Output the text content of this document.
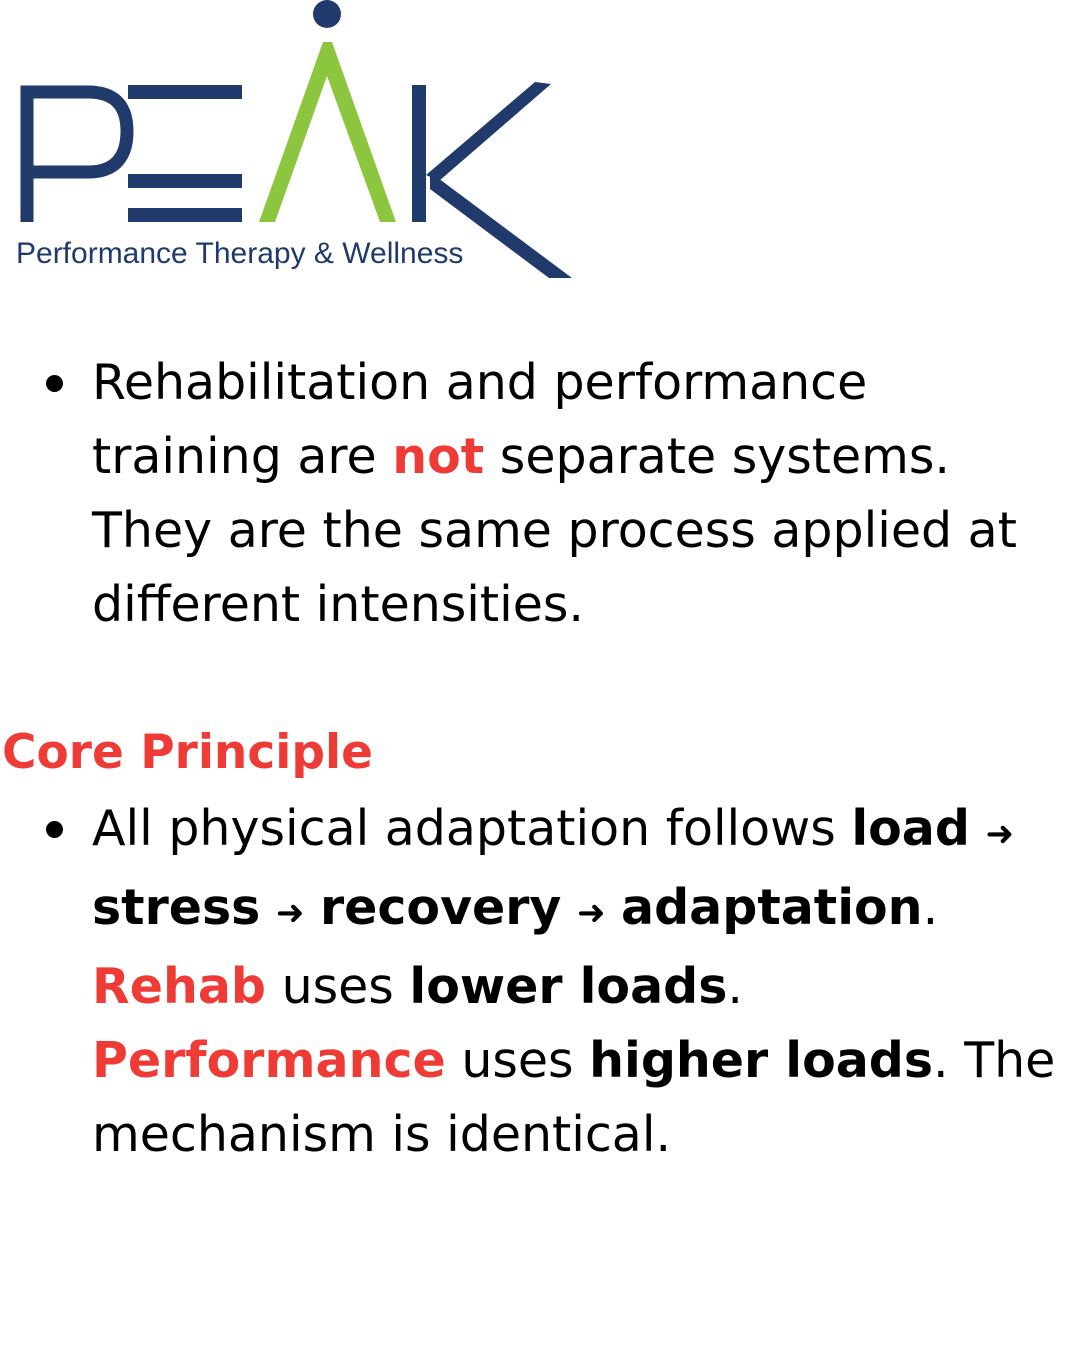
Performance Therapy & Wellness
Rehabilitation and performance training are not separate systems. They are the same process applied at different intensities.
Core Principle
All physical adaptation follows load ➜ stress ➜ recovery ➜ adaptation. Rehab uses lower loads. Performance uses higher loads. The mechanism is identical.
